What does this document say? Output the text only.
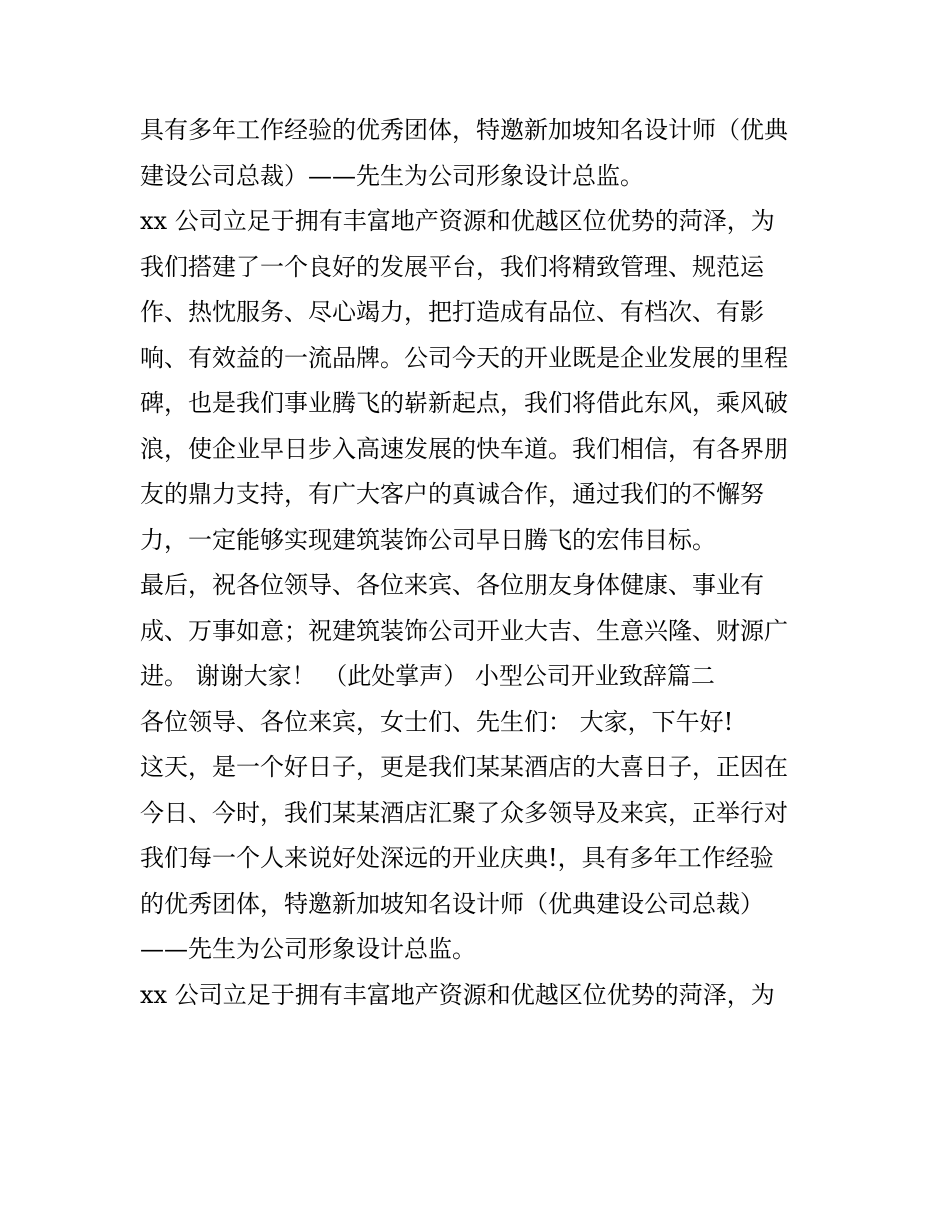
具有多年工作经验的优秀团体，特邀新加坡知名设计师（优典

建设公司总裁）——先生为公司形象设计总监。

xx 公司立足于拥有丰富地产资源和优越区位优势的菏泽，为

我们搭建了一个良好的发展平台，我们将精致管理、规范运

作、热忱服务、尽心竭力，把打造成有品位、有档次、有影

响、有效益的一流品牌。公司今天的开业既是企业发展的里程

碑，也是我们事业腾飞的崭新起点，我们将借此东风，乘风破

浪，使企业早日步入高速发展的快车道。我们相信，有各界朋

友的鼎力支持，有广大客户的真诚合作，通过我们的不懈努

力，一定能够实现建筑装饰公司早日腾飞的宏伟目标。

最后，祝各位领导、各位来宾、各位朋友身体健康、事业有

成、万事如意；祝建筑装饰公司开业大吉、生意兴隆、财源广

进。 谢谢大家！ （此处掌声） 小型公司开业致辞篇二

各位领导、各位来宾，女士们、先生们： 大家，下午好!

这天，是一个好日子，更是我们某某酒店的大喜日子，正因在

今日、今时，我们某某酒店汇聚了众多领导及来宾，正举行对

我们每一个人来说好处深远的开业庆典!，具有多年工作经验

的优秀团体，特邀新加坡知名设计师（优典建设公司总裁）

——先生为公司形象设计总监。

xx 公司立足于拥有丰富地产资源和优越区位优势的菏泽，为
